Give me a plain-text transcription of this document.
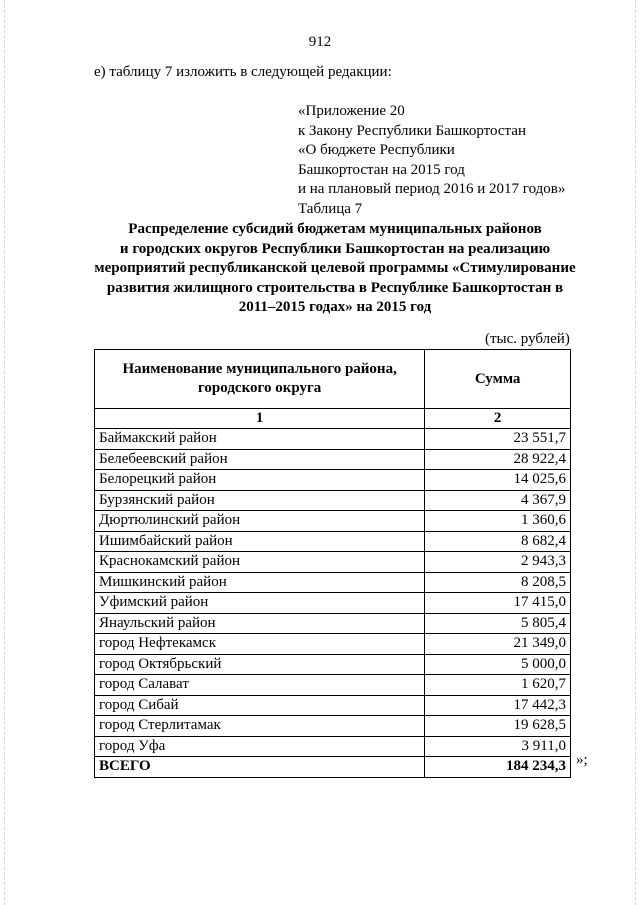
912
е) таблицу 7 изложить в следующей редакции:
«Приложение 20
к Закону Республики Башкортостан
«О бюджете Республики
Башкортостан на 2015 год
и на плановый период 2016 и 2017 годов»
Таблица 7
Распределение субсидий бюджетам муниципальных районов
и городских округов Республики Башкортостан на реализацию
мероприятий республиканской целевой программы «Стимулирование
развития жилищного строительства в Республике Башкортостан в
2011–2015 годах» на 2015 год
(тыс. рублей)
Наименование муниципального района, городского округа	Сумма
1	2
Баймакский район	23 551,7
Белебеевский район	28 922,4
Белорецкий район	14 025,6
Бурзянский район	4 367,9
Дюртюлинский район	1 360,6
Ишимбайский район	8 682,4
Краснокамский район	2 943,3
Мишкинский район	8 208,5
Уфимский район	17 415,0
Янаульский район	5 805,4
город Нефтекамск	21 349,0
город Октябрьский	5 000,0
город Салават	1 620,7
город Сибай	17 442,3
город Стерлитамак	19 628,5
город Уфа	3 911,0
ВСЕГО	184 234,3 »;
